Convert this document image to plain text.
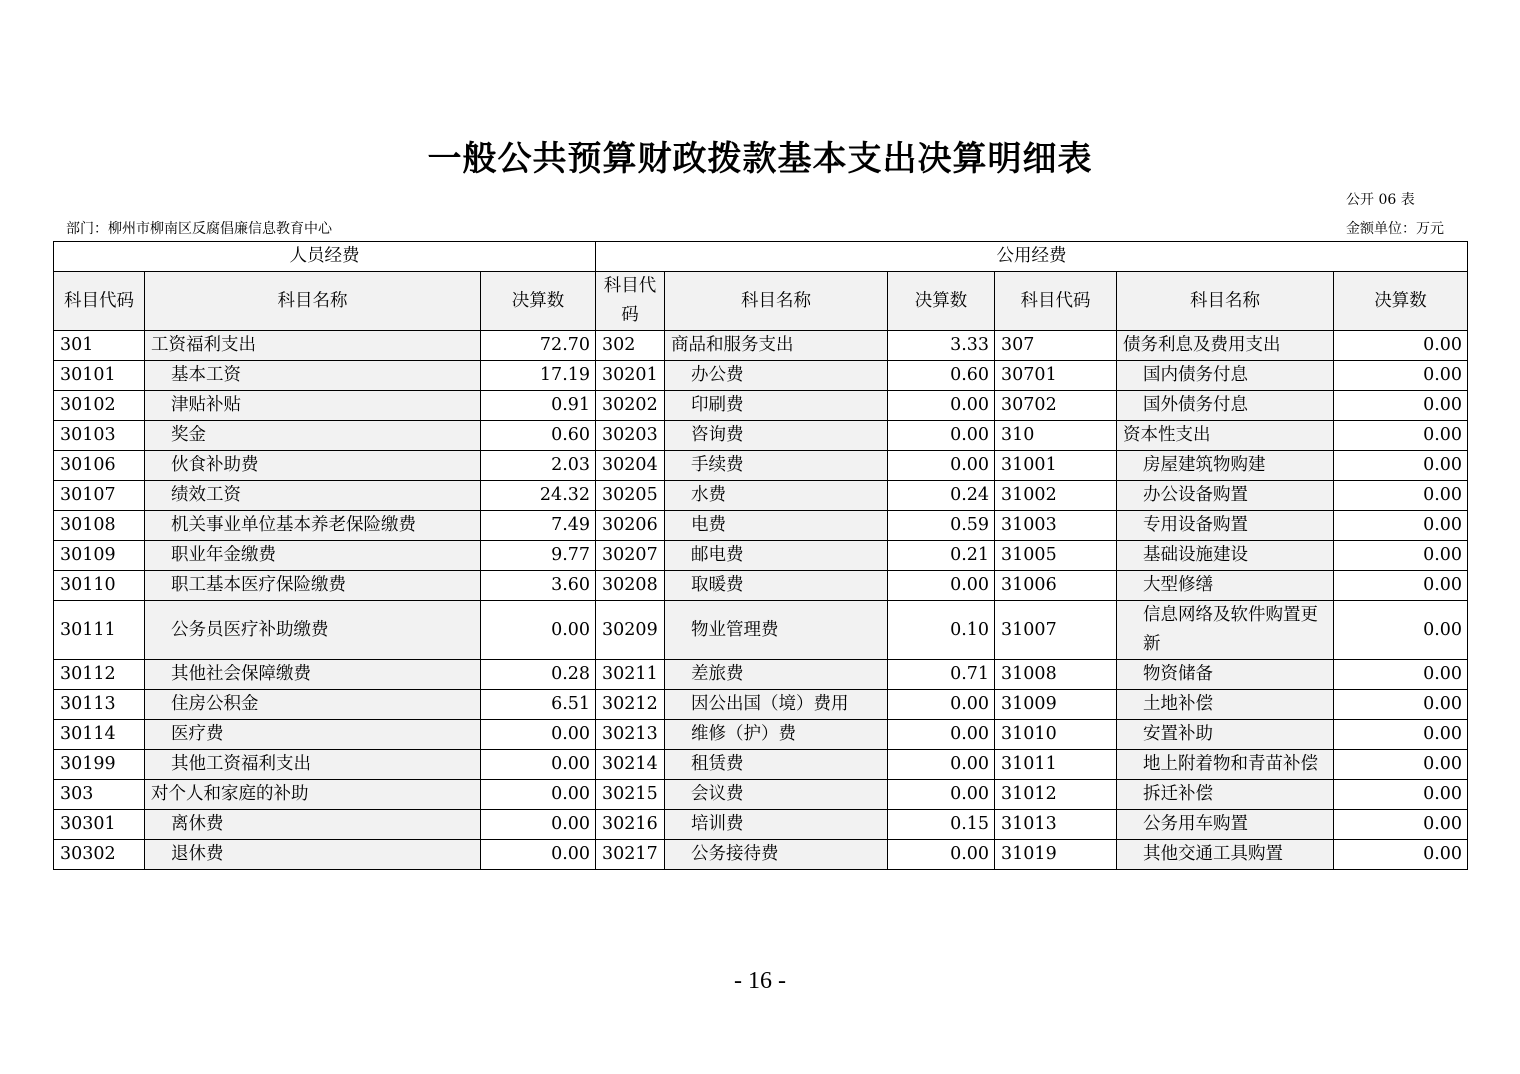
一般公共预算财政拨款基本支出决算明细表
公开 06 表
部门：柳州市柳南区反腐倡廉信息教育中心	金额单位：万元
人员经费			公用经费					
科目代码	科目名称	决算数	科目代码	科目名称	决算数	科目代码	科目名称	决算数
301	工资福利支出	72.70	302	商品和服务支出	3.33	307	债务利息及费用支出	0.00
30101	基本工资	17.19	30201	办公费	0.60	30701	国内债务付息	0.00
30102	津贴补贴	0.91	30202	印刷费	0.00	30702	国外债务付息	0.00
30103	奖金	0.60	30203	咨询费	0.00	310	资本性支出	0.00
30106	伙食补助费	2.03	30204	手续费	0.00	31001	房屋建筑物购建	0.00
30107	绩效工资	24.32	30205	水费	0.24	31002	办公设备购置	0.00
30108	机关事业单位基本养老保险缴费	7.49	30206	电费	0.59	31003	专用设备购置	0.00
30109	职业年金缴费	9.77	30207	邮电费	0.21	31005	基础设施建设	0.00
30110	职工基本医疗保险缴费	3.60	30208	取暖费	0.00	31006	大型修缮	0.00
30111	公务员医疗补助缴费	0.00	30209	物业管理费	0.10	31007	信息网络及软件购置更新	0.00
30112	其他社会保障缴费	0.28	30211	差旅费	0.71	31008	物资储备	0.00
30113	住房公积金	6.51	30212	因公出国（境）费用	0.00	31009	土地补偿	0.00
30114	医疗费	0.00	30213	维修（护）费	0.00	31010	安置补助	0.00
30199	其他工资福利支出	0.00	30214	租赁费	0.00	31011	地上附着物和青苗补偿	0.00
303	对个人和家庭的补助	0.00	30215	会议费	0.00	31012	拆迁补偿	0.00
30301	离休费	0.00	30216	培训费	0.15	31013	公务用车购置	0.00
30302	退休费	0.00	30217	公务接待费	0.00	31019	其他交通工具购置	0.00
- 16 -
